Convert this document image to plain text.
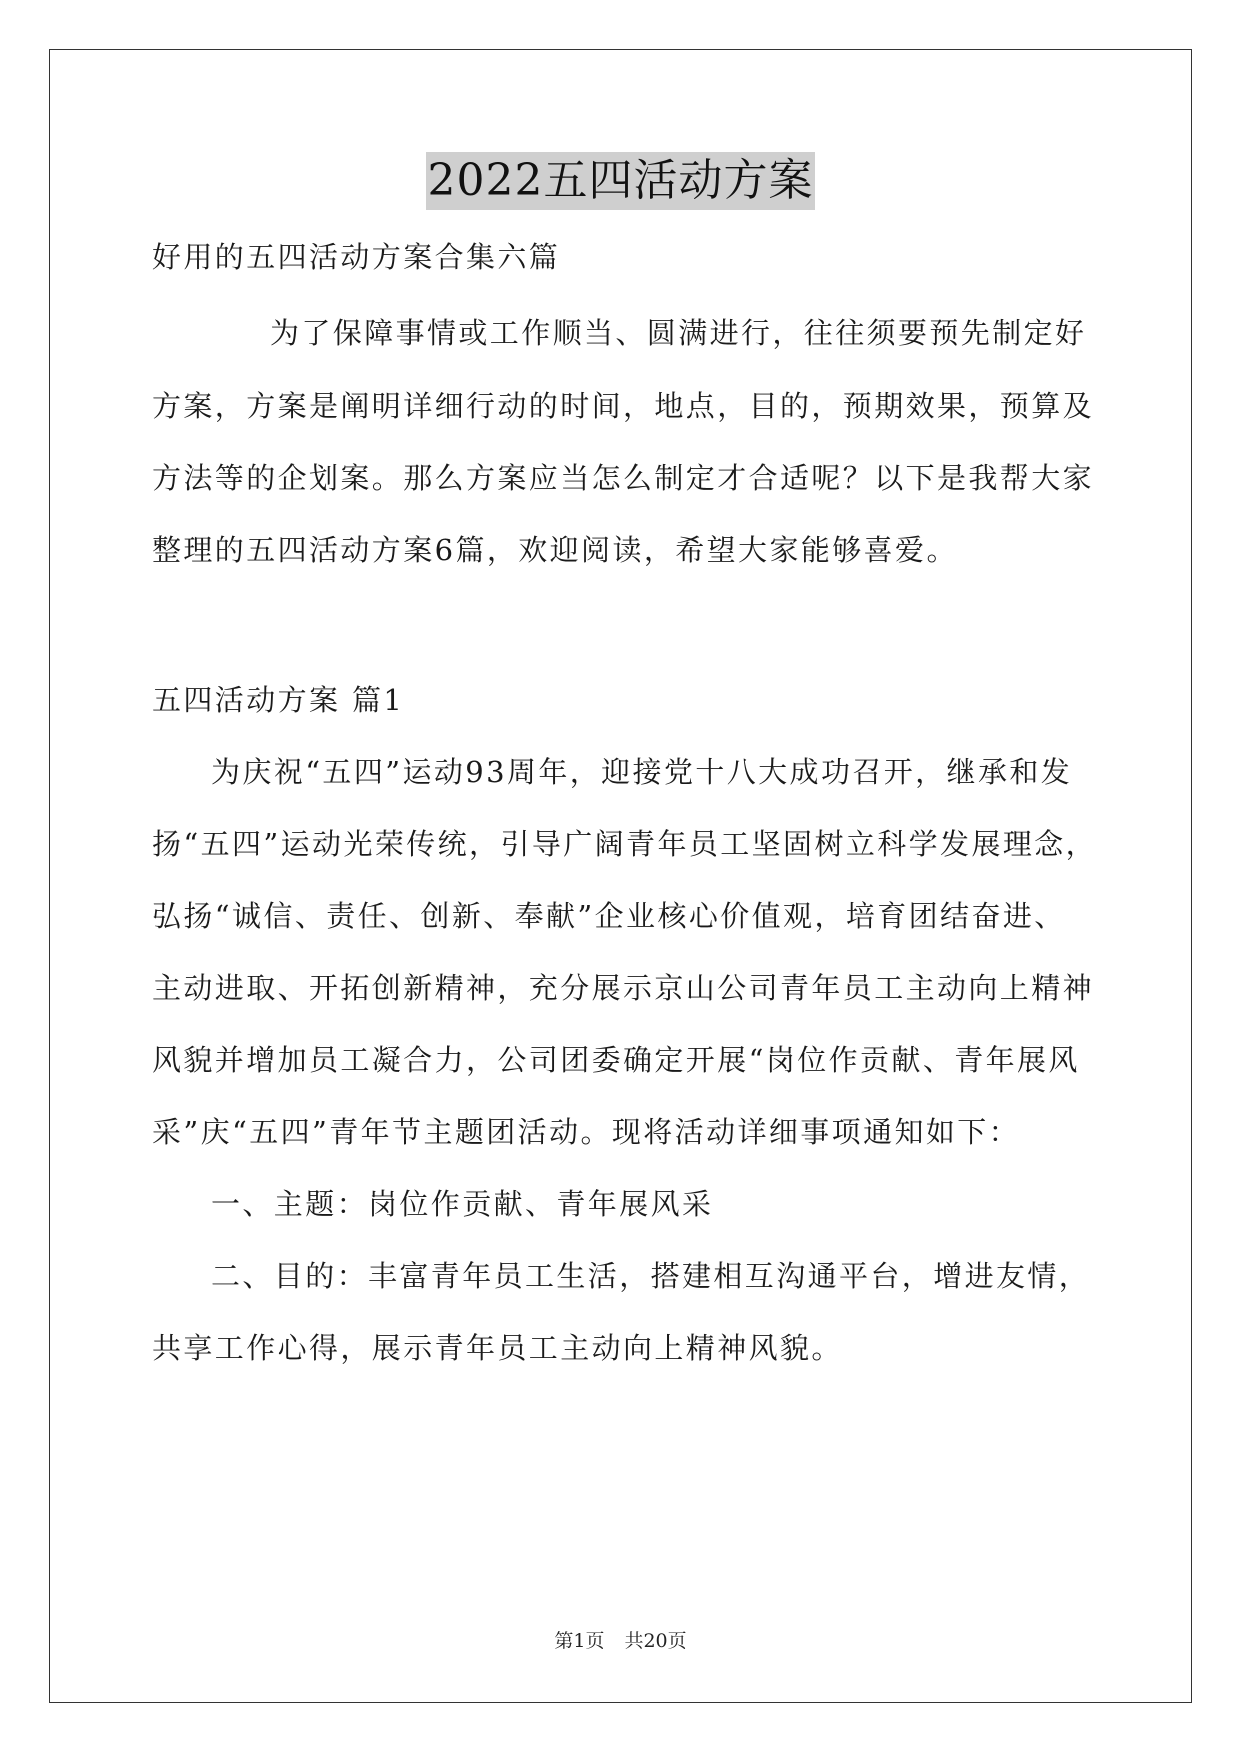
2022五四活动方案
好用的五四活动方案合集六篇
为了保障事情或工作顺当、圆满进行，往往须要预先制定好
方案，方案是阐明详细行动的时间，地点，目的，预期效果，预算及
方法等的企划案。那么方案应当怎么制定才合适呢？以下是我帮大家
整理的五四活动方案6篇，欢迎阅读，希望大家能够喜爱。
五四活动方案 篇1
为庆祝“五四”运动93周年，迎接党十八大成功召开，继承和发
扬“五四”运动光荣传统，引导广阔青年员工坚固树立科学发展理念，
弘扬“诚信、责任、创新、奉献”企业核心价值观，培育团结奋进、
主动进取、开拓创新精神，充分展示京山公司青年员工主动向上精神
风貌并增加员工凝合力，公司团委确定开展“岗位作贡献、青年展风
采”庆“五四”青年节主题团活动。现将活动详细事项通知如下：
一、主题：岗位作贡献、青年展风采
二、目的：丰富青年员工生活，搭建相互沟通平台，增进友情，
共享工作心得，展示青年员工主动向上精神风貌。
第1页 共20页
